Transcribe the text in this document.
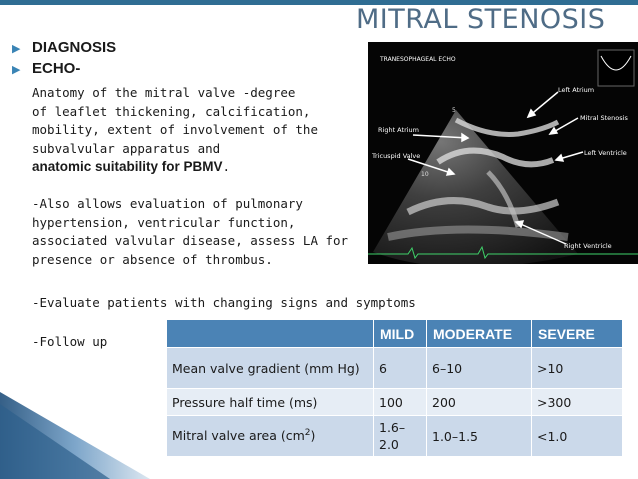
MITRAL STENOSIS
▶ DIAGNOSIS
▶ ECHO-
Anatomy of the mitral valve -degree
of leaflet thickening, calcification,
mobility, extent of involvement of the
subvalvular apparatus and
anatomic suitability for PBMV.
-Also allows evaluation of pulmonary
hypertension, ventricular function,
associated valvular disease, assess LA for
presence or absence of thrombus.
-Evaluate patients with changing signs and symptoms
-Follow up
5
10
TRANESOPHAGEAL ECHO
Left Atrium
Right Atrium
Mitral Stenosis
Tricuspid Valve	Left Ventricle
Right Ventricle
	MILD	MODERATE	SEVERE
Mean valve gradient (mm Hg)	6	6–10	>10
Pressure half time (ms)	100	200	>300
Mitral valve area $(cm^2)$	1.6–2.0	1.0–1.5	<1.0
